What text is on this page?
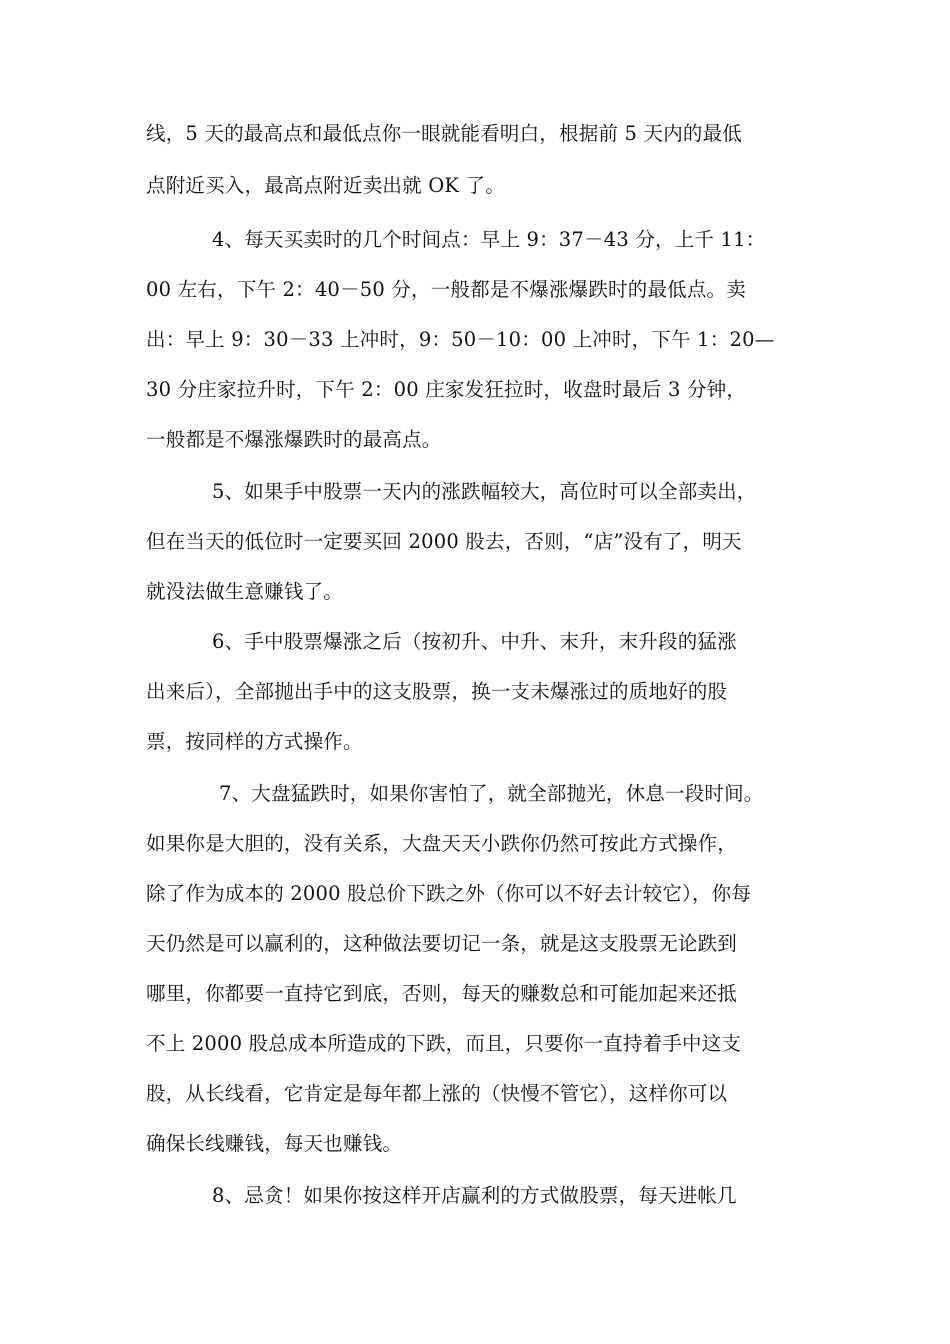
线，5 天的最高点和最低点你一眼就能看明白，根据前 5 天内的最低
点附近买入，最高点附近卖出就 OK 了。
4、每天买卖时的几个时间点：早上 9：37－43 分，上千 11：
00 左右，下午 2：40－50 分，一般都是不爆涨爆跌时的最低点。卖
出：早上 9：30－33 上冲时，9：50－10：00 上冲时，下午 1：20—
30 分庄家拉升时，下午 2：00 庄家发狂拉时，收盘时最后 3 分钟，
一般都是不爆涨爆跌时的最高点。
5、如果手中股票一天内的涨跌幅较大，高位时可以全部卖出，
但在当天的低位时一定要买回 2000 股去，否则，“店”没有了，明天
就没法做生意赚钱了。
6、手中股票爆涨之后（按初升、中升、末升，末升段的猛涨
出来后），全部抛出手中的这支股票，换一支未爆涨过的质地好的股
票，按同样的方式操作。
7、大盘猛跌时，如果你害怕了，就全部抛光，休息一段时间。
如果你是大胆的，没有关系，大盘天天小跌你仍然可按此方式操作，
除了作为成本的 2000 股总价下跌之外（你可以不好去计较它），你每
天仍然是可以赢利的，这种做法要切记一条，就是这支股票无论跌到
哪里，你都要一直持它到底，否则，每天的赚数总和可能加起来还抵
不上 2000 股总成本所造成的下跌，而且，只要你一直持着手中这支
股，从长线看，它肯定是每年都上涨的（快慢不管它），这样你可以
确保长线赚钱，每天也赚钱。
8、忌贪！如果你按这样开店赢利的方式做股票，每天进帐几
